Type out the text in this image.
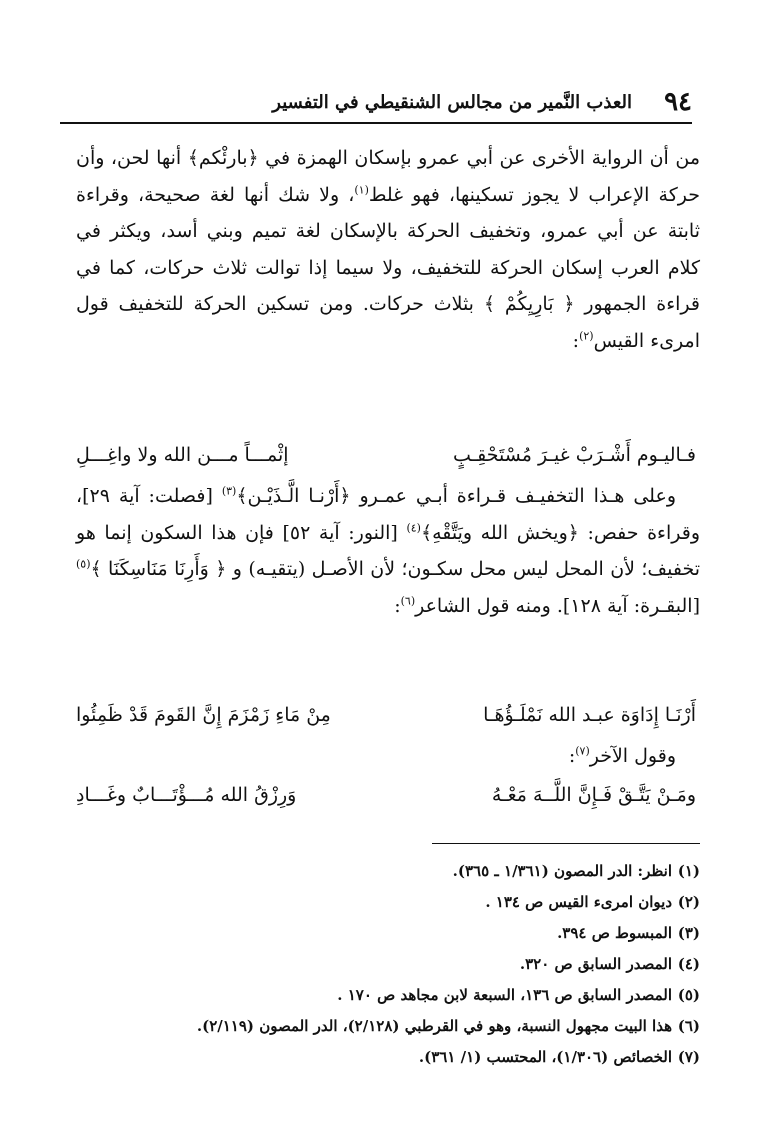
٩٤
العذب النَّمير من مجالس الشنقيطي في التفسير

من أن الرواية الأخرى عن أبي عمرو بإسكان الهمزة في ﴿بارئْكم﴾ أنها لحن، وأن حركة الإعراب لا يجوز تسكينها، فهو غلط$^{(١)}$، ولا شك أنها لغة صحيحة، وقراءة ثابتة عن أبي عمرو، وتخفيف الحركة بالإسكان لغة تميم وبني أسد، ويكثر في كلام العرب إسكان الحركة للتخفيف، ولا سيما إذا توالت ثلاث حركات، كما في قراءة الجمهور ﴿ بَارِيِكُمْ ﴾ بثلاث حركات. ومن تسكين الحركة للتخفيف قول امرىء القيس$^{(٢)}$:

فـاليـوم أَشْـرَبْ غيـرَ مُسْتَحْقِـبٍ
إثْمـــاً مـــن الله ولا واغِـــلِ

وعلى هـذا التخفيـف قـراءة أبـي عمـرو ﴿أَرْنـا الَّـذَيْـن﴾$^{(٣)}$ [فصلت: آية ٢٩]، وقراءة حفص: ﴿ويخش الله ويَتَّقْهِ﴾$^{(٤)}$ [النور: آية ٥٢] فإن هذا السكون إنما هو تخفيف؛ لأن المحل ليس محل سكـون؛ لأن الأصـل (يتقيـه) و ﴿ وَأَرِنَا مَنَاسِكَنَا ﴾$^{(٥)}$ [البقـرة: آية ١٢٨]. ومنه قول الشاعر$^{(٦)}$:

أَرْنَـا إِدَاوَة عبـد الله نَمْلَـؤُهَـا
مِنْ مَاءِ زَمْزَمَ إِنَّ القَومَ قَدْ ظَمِئُوا

وقول الآخر$^{(٧)}$:

ومَـنْ يَتَّـقْ فَـإِنَّ اللَّــهَ مَعْـهُ
وَرِزْقُ الله مُـــؤْتَـــابٌ وغَـــادِ
(١)انظر: الدر المصون (١/٣٦١ ـ ٣٦٥).
(٢)ديوان امرىء القيس ص ١٣٤ .
(٣)المبسوط ص ٣٩٤.
(٤)المصدر السابق ص ٣٢٠.
(٥)المصدر السابق ص ١٣٦، السبعة لابن مجاهد ص ١٧٠ .
(٦)هذا البيت مجهول النسبة، وهو في القرطبي (٢/١٢٨)، الدر المصون (٢/١١٩).
(٧)الخصائص (١/٣٠٦)، المحتسب (١/ ٣٦١).
